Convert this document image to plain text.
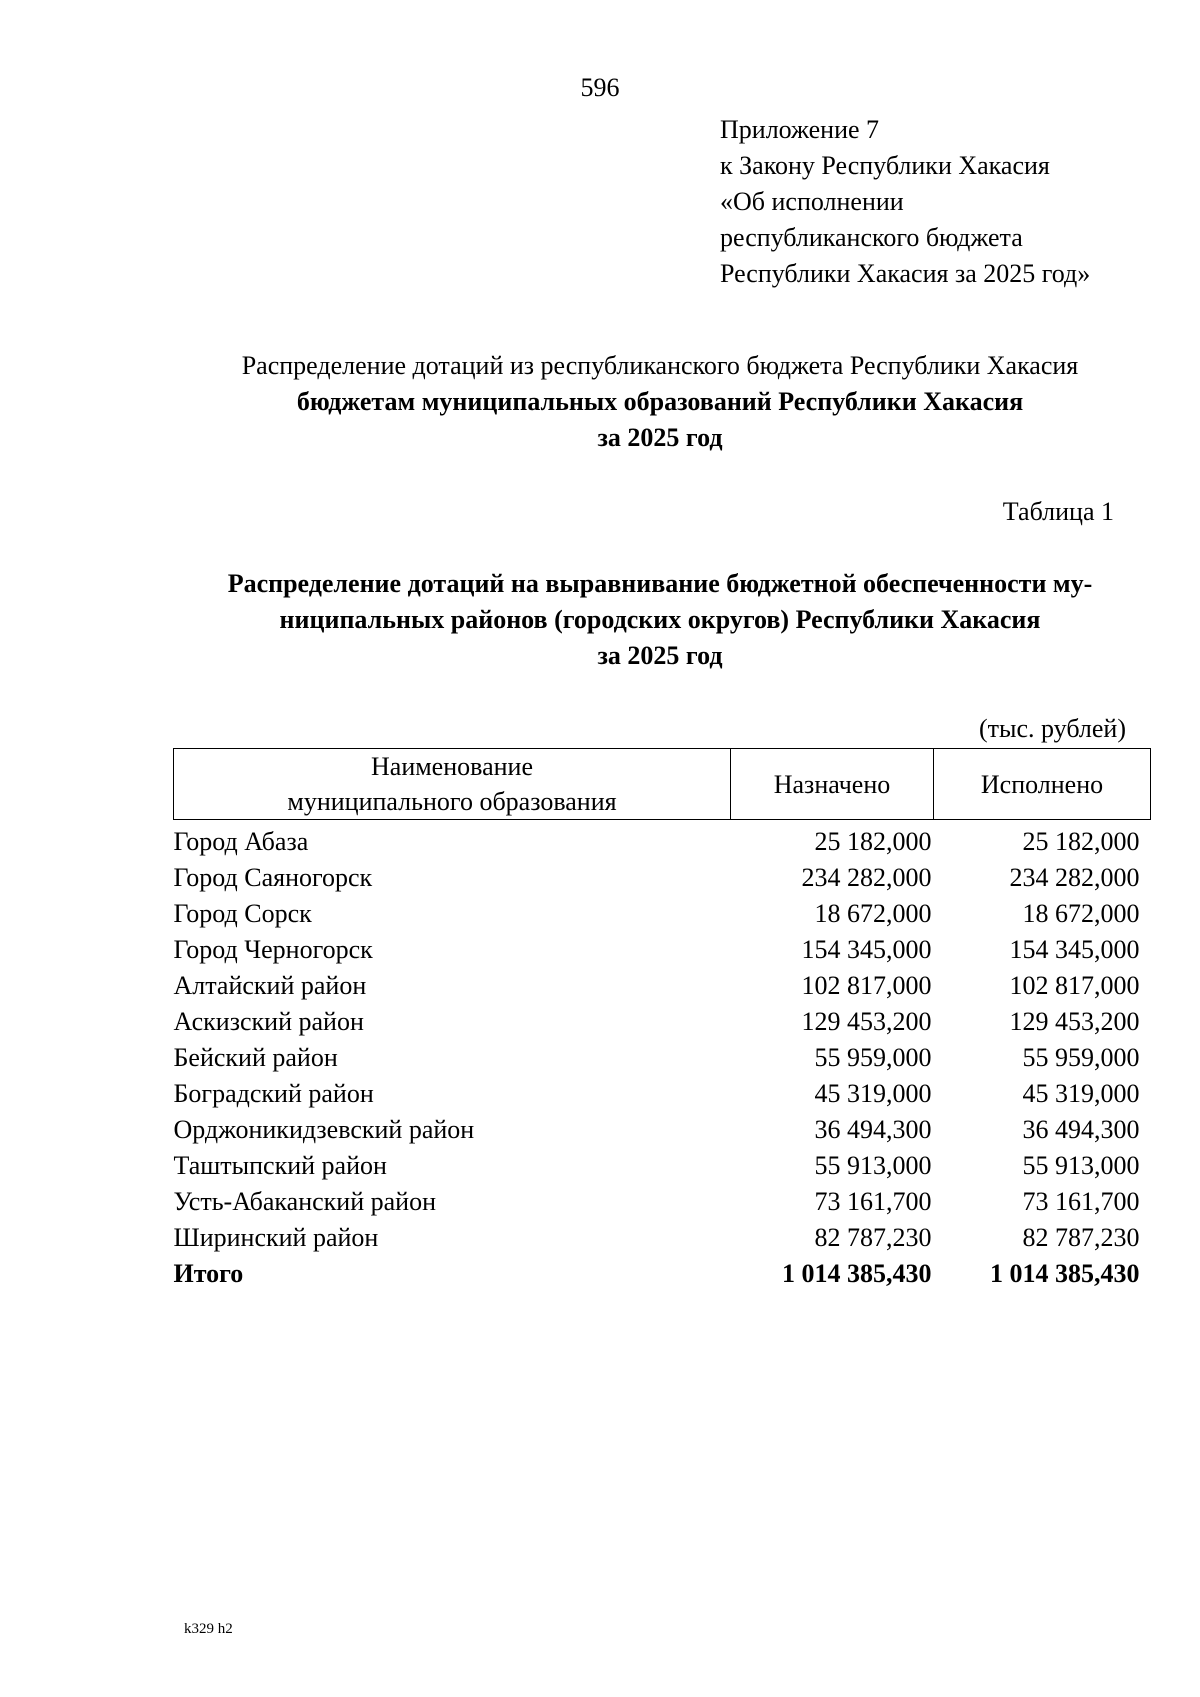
596
Приложение 7
к Закону Республики Хакасия
«Об исполнении
республиканского бюджета
Республики Хакасия за 2025 год»
Распределение дотаций из республиканского бюджета Республики Хакасия
бюджетам муниципальных образований Республики Хакасия
за 2025 год
Таблица 1
Распределение дотаций на выравнивание бюджетной обеспеченности му-
ниципальных районов (городских округов) Республики Хакасия
за 2025 год
(тыс. рублей)
Наименование
муниципального образования	Назначено	Исполнено
Город Абаза	25 182,000	25 182,000
Город Саяногорск	234 282,000	234 282,000
Город Сорск	18 672,000	18 672,000
Город Черногорск	154 345,000	154 345,000
Алтайский район	102 817,000	102 817,000
Аскизский район	129 453,200	129 453,200
Бейский район	55 959,000	55 959,000
Боградский район	45 319,000	45 319,000
Орджоникидзевский район	36 494,300	36 494,300
Таштыпский район	55 913,000	55 913,000
Усть-Абаканский район	73 161,700	73 161,700
Ширинский район	82 787,230	82 787,230
Итого	1 014 385,430	1 014 385,430
k329 h2
